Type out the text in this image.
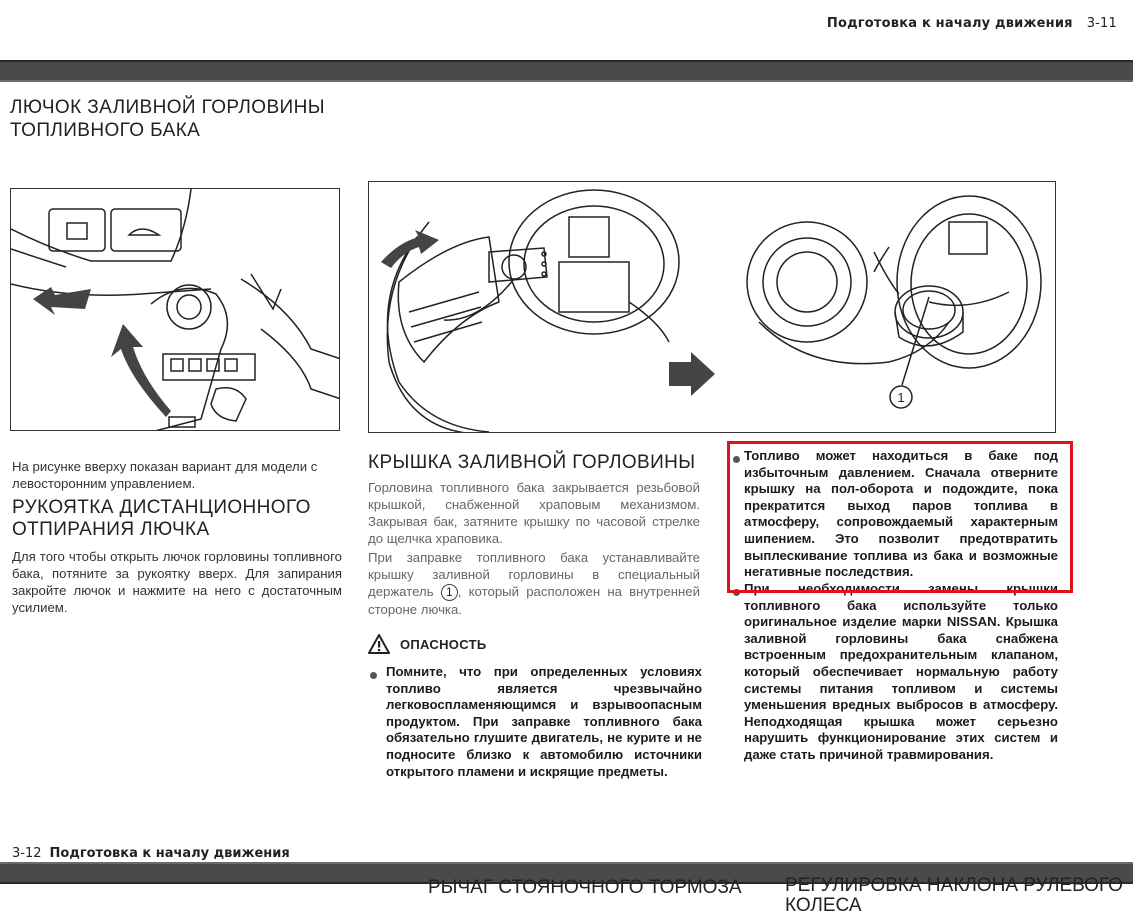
Подготовка к началу движения 3-11
ЛЮЧОК ЗАЛИВНОЙ ГОРЛОВИНЫ
ТОПЛИВНОГО БАКА
1
На рисунке вверху показан вариант для модели с левосторонним управлением.
РУКОЯТКА ДИСТАНЦИОННОГО
ОТПИРАНИЯ ЛЮЧКА
Для того чтобы открыть лючок горловины топливного бака, потяните за рукоятку вверх. Для запирания закройте лючок и нажмите на него с достаточным усилием.
КРЫШКА ЗАЛИВНОЙ ГОРЛОВИНЫ
Горловина топливного бака закрывается резьбовой крышкой, снабженной храповым механизмом. Закрывая бак, затяните крышку по часовой стрелке до щелчка храповика.
При заправке топливного бака устанавливайте крышку заливной горловины в специальный держатель 1 , который расположен на внутренней стороне лючка.
ОПАСНОСТЬ
Помните, что при определенных условиях топливо является чрезвычайно легковоспламеняющимся и взрывоопасным продуктом. При заправке топливного бака обязательно глушите двигатель, не курите и не подносите близко к автомобилю источники открытого пламени и искрящие предметы.
Топливо может находиться в баке под избыточным давлением. Сначала отверните крышку на пол-оборота и подождите, пока прекратится выход паров топлива в атмосферу, сопровождаемый характерным шипением. Это позволит предотвратить выплескивание топлива из бака и возможные негативные последствия.
При необходимости замены крышки топливного бака используйте только оригинальное изделие марки NISSAN. Крышка заливной горловины бака снабжена встроенным предохранительным клапаном, который обеспечивает нормальную работу системы питания топливом и системы уменьшения вредных выбросов в атмосферу. Неподходящая крышка может серьезно нарушить функционирование этих систем и даже стать причиной травмирования.
3-12 Подготовка к началу движения
РЫЧАГ СТОЯНОЧНОГО ТОРМОЗА РЕГУЛИРОВКА НАКЛОНА РУЛЕВОГО
КОЛЕСА
